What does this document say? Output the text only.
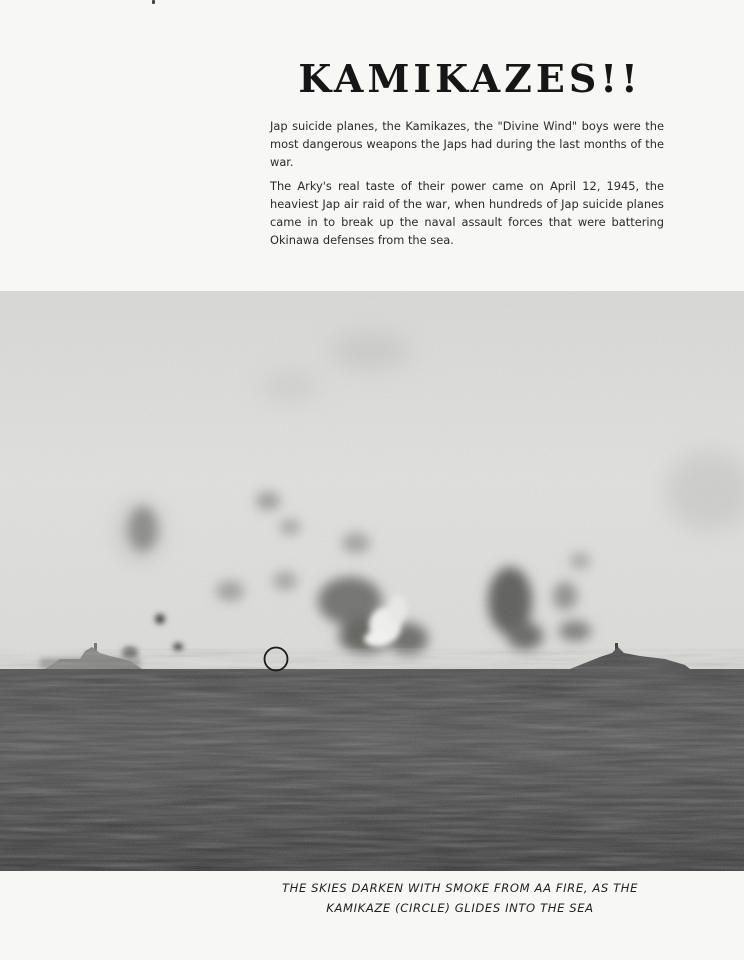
KAMIKAZES!!

Jap suicide planes, the Kamikazes, the "Divine Wind" boys were the most dangerous weapons the Japs had during the last months of the war.

The Arky's real taste of their power came on April 12, 1945, the heaviest Jap air raid of the war, when hundreds of Jap suicide planes came in to break up the naval assault forces that were battering Okinawa defenses from the sea.

THE SKIES DARKEN WITH SMOKE FROM AA FIRE, AS THE
KAMIKAZE (CIRCLE) GLIDES INTO THE SEA
